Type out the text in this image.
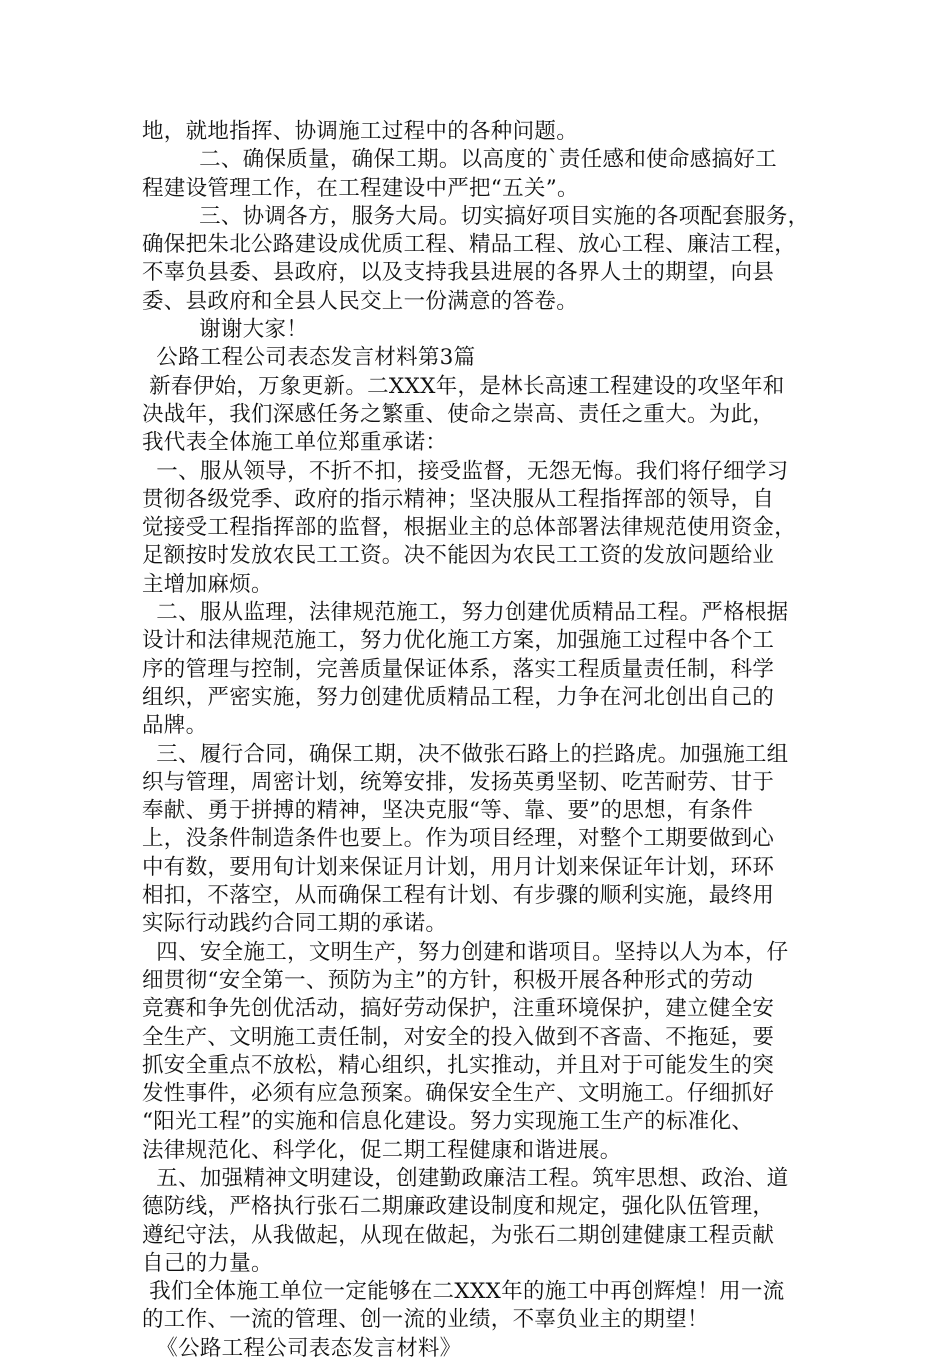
地，就地指挥、协调施工过程中的各种问题。
二、确保质量，确保工期。以高度的`责任感和使命感搞好工
程建设管理工作，在工程建设中严把“五关”。
三、协调各方，服务大局。切实搞好项目实施的各项配套服务，
确保把朱北公路建设成优质工程、精品工程、放心工程、廉洁工程，
不辜负县委、县政府，以及支持我县进展的各界人士的期望，向县
委、县政府和全县人民交上一份满意的答卷。
谢谢大家！
公路工程公司表态发言材料第3篇
新春伊始，万象更新。二XXX年，是林长高速工程建设的攻坚年和
决战年，我们深感任务之繁重、使命之崇高、责任之重大。为此，
我代表全体施工单位郑重承诺：
一、服从领导，不折不扣，接受监督，无怨无悔。我们将仔细学习
贯彻各级党季、政府的指示精神；坚决服从工程指挥部的领导，自
觉接受工程指挥部的监督，根据业主的总体部署法律规范使用资金，
足额按时发放农民工工资。决不能因为农民工工资的发放问题给业
主增加麻烦。
二、服从监理，法律规范施工，努力创建优质精品工程。严格根据
设计和法律规范施工，努力优化施工方案，加强施工过程中各个工
序的管理与控制，完善质量保证体系，落实工程质量责任制，科学
组织，严密实施，努力创建优质精品工程，力争在河北创出自己的
品牌。
三、履行合同，确保工期，决不做张石路上的拦路虎。加强施工组
织与管理，周密计划，统筹安排，发扬英勇坚韧、吃苦耐劳、甘于
奉献、勇于拼搏的精神，坚决克服“等、靠、要”的思想，有条件
上，没条件制造条件也要上。作为项目经理，对整个工期要做到心
中有数，要用旬计划来保证月计划，用月计划来保证年计划，环环
相扣，不落空，从而确保工程有计划、有步骤的顺利实施，最终用
实际行动践约合同工期的承诺。
四、安全施工，文明生产，努力创建和谐项目。坚持以人为本，仔
细贯彻“安全第一、预防为主”的方针，积极开展各种形式的劳动
竞赛和争先创优活动，搞好劳动保护，注重环境保护，建立健全安
全生产、文明施工责任制，对安全的投入做到不吝啬、不拖延，要
抓安全重点不放松，精心组织，扎实推动，并且对于可能发生的突
发性事件，必须有应急预案。确保安全生产、文明施工。仔细抓好
“阳光工程”的实施和信息化建设。努力实现施工生产的标准化、
法律规范化、科学化，促二期工程健康和谐进展。
五、加强精神文明建设，创建勤政廉洁工程。筑牢思想、政治、道
德防线，严格执行张石二期廉政建设制度和规定，强化队伍管理，
遵纪守法，从我做起，从现在做起，为张石二期创建健康工程贡献
自己的力量。
我们全体施工单位一定能够在二XXX年的施工中再创辉煌！用一流
的工作、一流的管理、创一流的业绩，不辜负业主的期望！
《公路工程公司表态发言材料》
